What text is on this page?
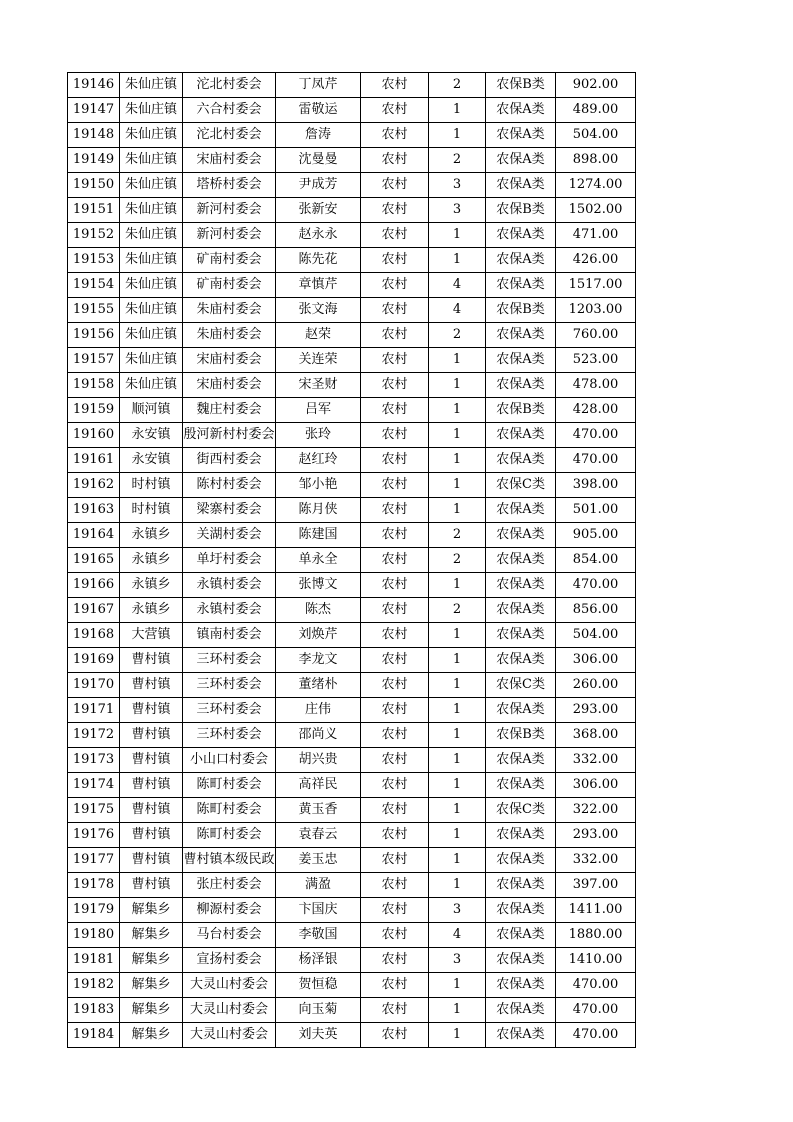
19146	朱仙庄镇	沱北村委会	丁凤芹	农村	2	农保B类	902.00
19147	朱仙庄镇	六合村委会	雷敬运	农村	1	农保A类	489.00
19148	朱仙庄镇	沱北村委会	詹涛	农村	1	农保A类	504.00
19149	朱仙庄镇	宋庙村委会	沈曼曼	农村	2	农保A类	898.00
19150	朱仙庄镇	塔桥村委会	尹成芳	农村	3	农保A类	1274.00
19151	朱仙庄镇	新河村委会	张新安	农村	3	农保B类	1502.00
19152	朱仙庄镇	新河村委会	赵永永	农村	1	农保A类	471.00
19153	朱仙庄镇	矿南村委会	陈先花	农村	1	农保A类	426.00
19154	朱仙庄镇	矿南村委会	章慎芹	农村	4	农保A类	1517.00
19155	朱仙庄镇	朱庙村委会	张文海	农村	4	农保B类	1203.00
19156	朱仙庄镇	朱庙村委会	赵荣	农村	2	农保A类	760.00
19157	朱仙庄镇	宋庙村委会	关连荣	农村	1	农保A类	523.00
19158	朱仙庄镇	宋庙村委会	宋圣财	农村	1	农保A类	478.00
19159	顺河镇	魏庄村委会	吕军	农村	1	农保B类	428.00
19160	永安镇	殷河新村村委会	张玲	农村	1	农保A类	470.00
19161	永安镇	街西村委会	赵红玲	农村	1	农保A类	470.00
19162	时村镇	陈村村委会	邹小艳	农村	1	农保C类	398.00
19163	时村镇	梁寨村委会	陈月侠	农村	1	农保A类	501.00
19164	永镇乡	关湖村委会	陈建国	农村	2	农保A类	905.00
19165	永镇乡	单圩村委会	单永全	农村	2	农保A类	854.00
19166	永镇乡	永镇村委会	张博文	农村	1	农保A类	470.00
19167	永镇乡	永镇村委会	陈杰	农村	2	农保A类	856.00
19168	大营镇	镇南村委会	刘焕芹	农村	1	农保A类	504.00
19169	曹村镇	三环村委会	李龙文	农村	1	农保A类	306.00
19170	曹村镇	三环村委会	董绪朴	农村	1	农保C类	260.00
19171	曹村镇	三环村委会	庄伟	农村	1	农保A类	293.00
19172	曹村镇	三环村委会	邵尚义	农村	1	农保B类	368.00
19173	曹村镇	小山口村委会	胡兴贵	农村	1	农保A类	332.00
19174	曹村镇	陈町村委会	高祥民	农村	1	农保A类	306.00
19175	曹村镇	陈町村委会	黄玉香	农村	1	农保C类	322.00
19176	曹村镇	陈町村委会	袁春云	农村	1	农保A类	293.00
19177	曹村镇	曹村镇本级民政	姜玉忠	农村	1	农保A类	332.00
19178	曹村镇	张庄村委会	满盈	农村	1	农保A类	397.00
19179	解集乡	柳源村委会	卞国庆	农村	3	农保A类	1411.00
19180	解集乡	马台村委会	李敬国	农村	4	农保A类	1880.00
19181	解集乡	宣扬村委会	杨泽银	农村	3	农保A类	1410.00
19182	解集乡	大灵山村委会	贺恒稳	农村	1	农保A类	470.00
19183	解集乡	大灵山村委会	向玉菊	农村	1	农保A类	470.00
19184	解集乡	大灵山村委会	刘夫英	农村	1	农保A类	470.00
